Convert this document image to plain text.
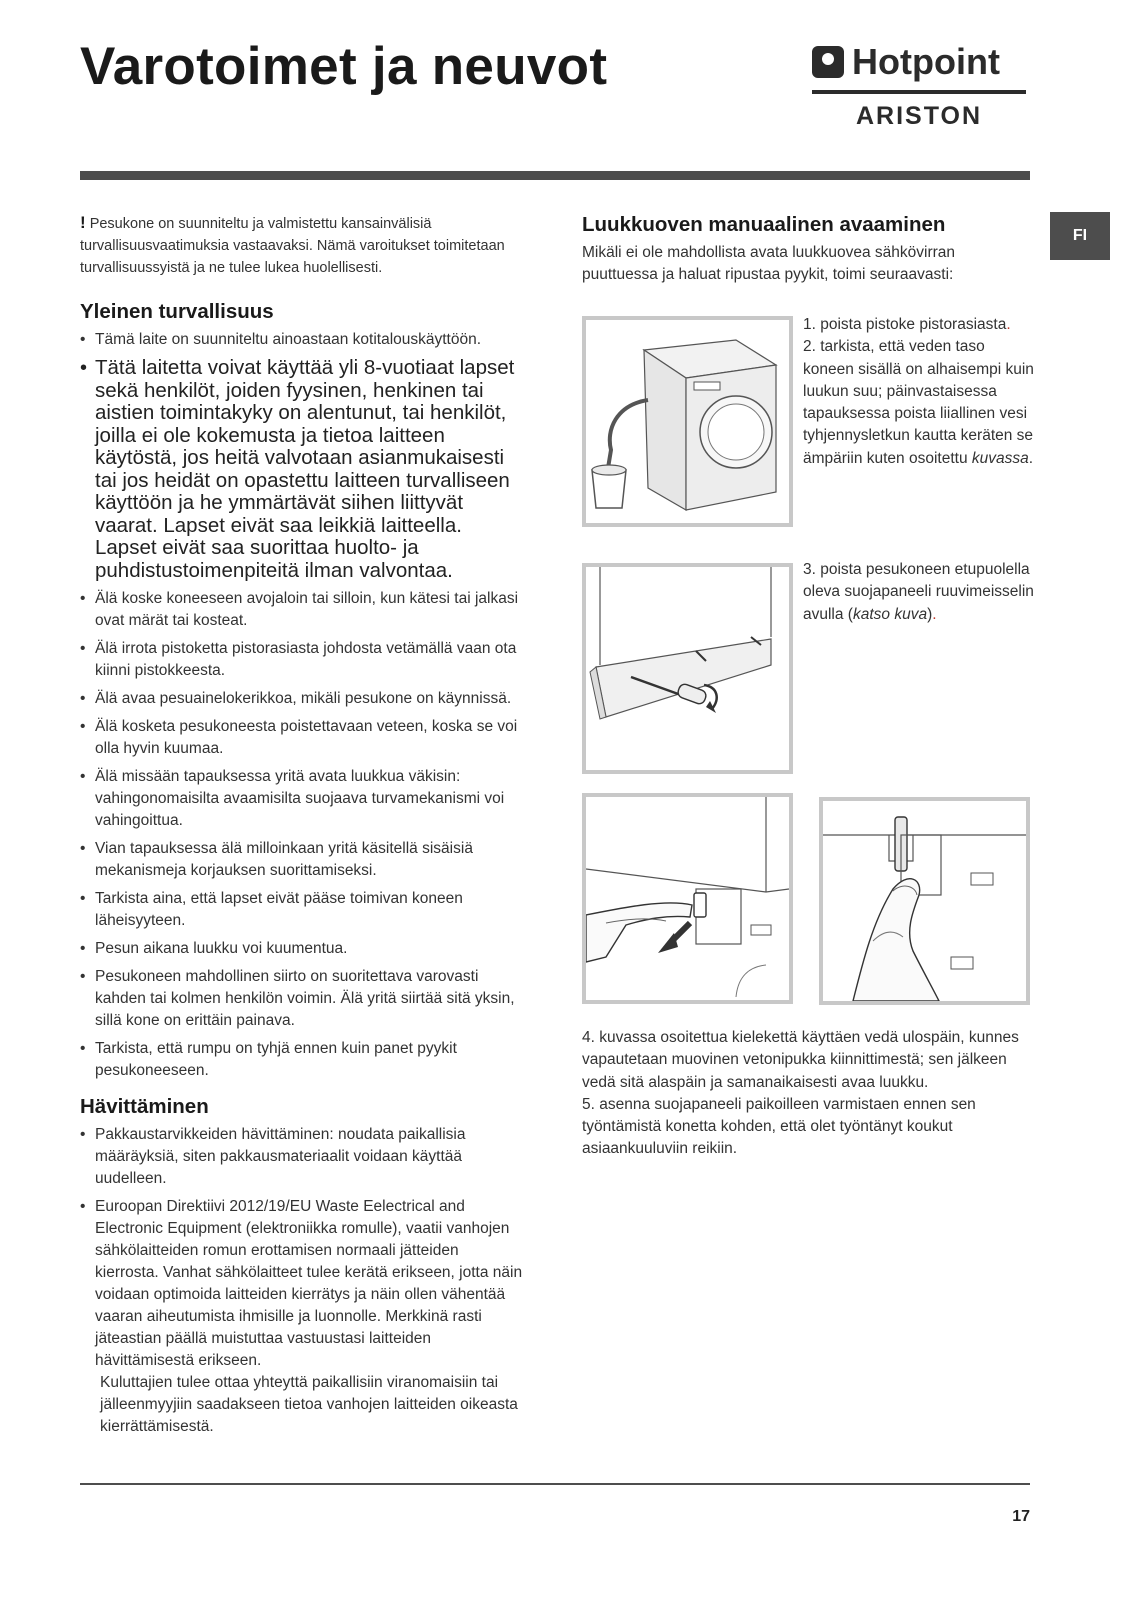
Varotoimet ja neuvot	Hotpoint
ARISTON
FI
! Pesukone on suunniteltu ja valmistettu kansainvälisiä turvallisuusvaatimuksia vastaavaksi. Nämä varoitukset toimitetaan turvallisuussyistä ja ne tulee lukea huolellisesti.
Yleinen turvallisuus
• Tämä laite on suunniteltu ainoastaan kotitalouskäyttöön.
• Tätä laitetta voivat käyttää yli 8-vuotiaat lapset sekä henkilöt, joiden fyysinen, henkinen tai aistien toimintakyky on alentunut, tai henkilöt, joilla ei ole kokemusta ja tietoa laitteen käytöstä, jos heitä valvotaan asianmukaisesti tai jos heidät on opastettu laitteen turvalliseen käyttöön ja he ymmärtävät siihen liittyvät vaarat. Lapset eivät saa leikkiä laitteella. Lapset eivät saa suorittaa huolto- ja puhdistustoimenpiteitä ilman valvontaa.
• Älä koske koneeseen avojaloin tai silloin, kun kätesi tai jalkasi ovat märät tai kosteat.
• Älä irrota pistoketta pistorasiasta johdosta vetämällä vaan ota kiinni pistokkeesta.
• Älä avaa pesuainelokerikkoa, mikäli pesukone on käynnissä.
• Älä kosketa pesukoneesta poistettavaan veteen, koska se voi olla hyvin kuumaa.
• Älä missään tapauksessa yritä avata luukkua väkisin: vahingonomaisilta avaamisilta suojaava turvamekanismi voi vahingoittua.
• Vian tapauksessa älä milloinkaan yritä käsitellä sisäisiä mekanismeja korjauksen suorittamiseksi.
• Tarkista aina, että lapset eivät pääse toimivan koneen läheisyyteen.
• Pesun aikana luukku voi kuumentua.
• Pesukoneen mahdollinen siirto on suoritettava varovasti kahden tai kolmen henkilön voimin. Älä yritä siirtää sitä yksin, sillä kone on erittäin painava.
• Tarkista, että rumpu on tyhjä ennen kuin panet pyykit pesukoneeseen.
Hävittäminen
• Pakkaustarvikkeiden hävittäminen: noudata paikallisia määräyksiä, siten pakkausmateriaalit voidaan käyttää uudelleen.
• Euroopan Direktiivi 2012/19/EU Waste Eelectrical and Electronic Equipment (elektroniikka romulle), vaatii vanhojen sähkölaitteiden romun erottamisen normaali jätteiden kierrosta. Vanhat sähkölaitteet tulee kerätä erikseen, jotta näin voidaan optimoida laitteiden kierrätys ja näin ollen vähentää vaaran aiheutumista ihmisille ja luonnolle. Merkkinä rasti jäteastian päällä muistuttaa vastuustasi laitteiden hävittämisestä erikseen.
Kuluttajien tulee ottaa yhteyttä paikallisiin viranomaisiin tai jälleenmyyjiin saadakseen tietoa vanhojen laitteiden oikeasta kierrättämisestä.
Luukkuoven manuaalinen avaaminen
Mikäli ei ole mahdollista avata luukkuovea sähkövirran puuttuessa ja haluat ripustaa pyykit, toimi seuraavasti:
1. poista pistoke pistorasiasta.
2. tarkista, että veden taso koneen sisällä on alhaisempi kuin luukun suu; päinvastaisessa tapauksessa poista liiallinen vesi tyhjennysletkun kautta keräten se ämpäriin kuten osoitettu kuvassa.
3. poista pesukoneen etupuolella oleva suojapaneeli ruuvimeisselin avulla (katso kuva).
4. kuvassa osoitettua kielekettä käyttäen vedä ulospäin, kunnes vapautetaan muovinen vetonipukka kiinnittimestä; sen jälkeen vedä sitä alaspäin ja samanaikaisesti avaa luukku.
5. asenna suojapaneeli paikoilleen varmistaen ennen sen työntämistä konetta kohden, että olet työntänyt koukut asiaankuuluviin reikiin.
17
